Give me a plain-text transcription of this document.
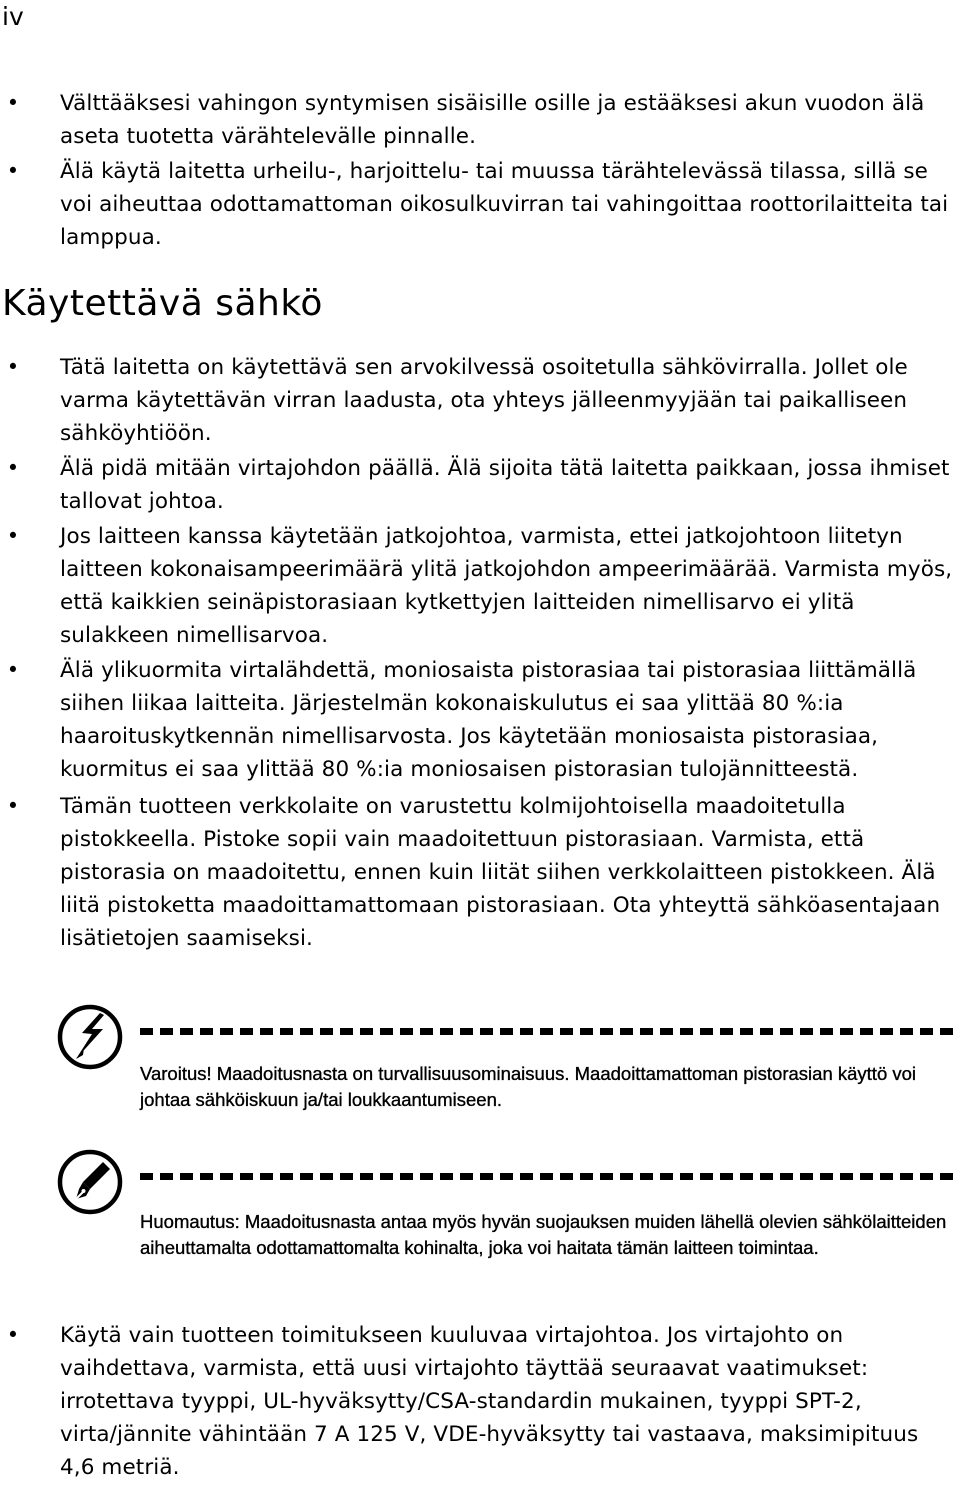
iv
• Välttääksesi vahingon syntymisen sisäisille osille ja estääksesi akun vuodon älä aseta tuotetta värähtelevälle pinnalle.
• Älä käytä laitetta urheilu-, harjoittelu- tai muussa tärähtelevässä tilassa, sillä se voi aiheuttaa odottamattoman oikosulkuvirran tai vahingoittaa roottorilaitteita tai lamppua.
Käytettävä sähkö
• Tätä laitetta on käytettävä sen arvokilvessä osoitetulla sähkövirralla. Jollet ole varma käytettävän virran laadusta, ota yhteys jälleenmyyjään tai paikalliseen sähköyhtiöön.
• Älä pidä mitään virtajohdon päällä. Älä sijoita tätä laitetta paikkaan, jossa ihmiset tallovat johtoa.
• Jos laitteen kanssa käytetään jatkojohtoa, varmista, ettei jatkojohtoon liitetyn laitteen kokonaisampeerimäärä ylitä jatkojohdon ampeerimäärää. Varmista myös, että kaikkien seinäpistorasiaan kytkettyjen laitteiden nimellisarvo ei ylitä sulakkeen nimellisarvoa.
• Älä ylikuormita virtalähdettä, moniosaista pistorasiaa tai pistorasiaa liittämällä siihen liikaa laitteita. Järjestelmän kokonaiskulutus ei saa ylittää 80 %:ia haaroituskytkennän nimellisarvosta. Jos käytetään moniosaista pistorasiaa, kuormitus ei saa ylittää 80 %:ia moniosaisen pistorasian tulojännitteestä.
• Tämän tuotteen verkkolaite on varustettu kolmijohtoisella maadoitetulla pistokkeella. Pistoke sopii vain maadoitettuun pistorasiaan. Varmista, että pistorasia on maadoitettu, ennen kuin liität siihen verkkolaitteen pistokkeen. Älä liitä pistoketta maadoittamattomaan pistorasiaan. Ota yhteyttä sähköasentajaan lisätietojen saamiseksi.
Varoitus! Maadoitusnasta on turvallisuusominaisuus. Maadoittamattoman pistorasian käyttö voi johtaa sähköiskuun ja/tai loukkaantumiseen.
Huomautus: Maadoitusnasta antaa myös hyvän suojauksen muiden lähellä olevien sähkölaitteiden aiheuttamalta odottamattomalta kohinalta, joka voi haitata tämän laitteen toimintaa.
• Käytä vain tuotteen toimitukseen kuuluvaa virtajohtoa. Jos virtajohto on vaihdettava, varmista, että uusi virtajohto täyttää seuraavat vaatimukset: irrotettava tyyppi, UL-hyväksytty/CSA-standardin mukainen, tyyppi SPT-2, virta/jännite vähintään 7 A 125 V, VDE-hyväksytty tai vastaava, maksimipituus 4,6 metriä.
